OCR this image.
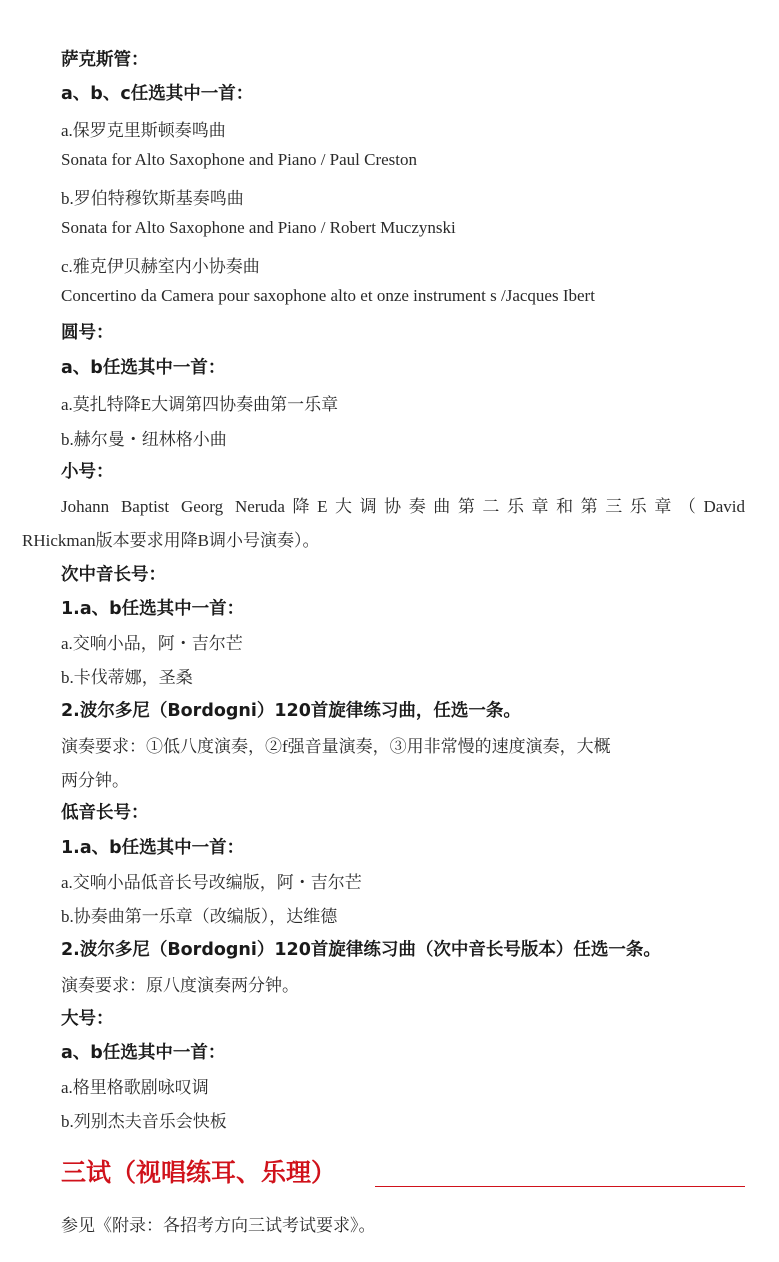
萨克斯管：
a、b、c任选其中一首：
a.保罗克里斯顿奏鸣曲
Sonata for Alto Saxophone and Piano / Paul Creston
b.罗伯特穆钦斯基奏鸣曲
Sonata for Alto Saxophone and Piano / Robert Muczynski
c.雅克伊贝赫室内小协奏曲
Concertino da Camera pour saxophone alto et onze instrument s /Jacques Ibert
圆号：
a、b任选其中一首：
a.莫扎特降E大调第四协奏曲第一乐章
b.赫尔曼・纽林格小曲
小号：
Johann Baptist Georg Neruda降E大调协奏曲第二乐章和第三乐章（David
RHickman版本要求用降B调小号演奏）。
次中音长号：
1.a、b任选其中一首：
a.交响小品，阿・吉尔芒
b.卡伐蒂娜，圣桑
2.波尔多尼（Bordogni）120首旋律练习曲，任选一条。
演奏要求：①低八度演奏，②f强音量演奏，③用非常慢的速度演奏，大概
两分钟。
低音长号：
1.a、b任选其中一首：
a.交响小品低音长号改编版，阿・吉尔芒
b.协奏曲第一乐章（改编版），达维德
2.波尔多尼（Bordogni）120首旋律练习曲（次中音长号版本）任选一条。
演奏要求：原八度演奏两分钟。
大号：
a、b任选其中一首：
a.格里格歌剧咏叹调
b.列别杰夫音乐会快板
三试（视唱练耳、乐理）
参见《附录：各招考方向三试考试要求》。
